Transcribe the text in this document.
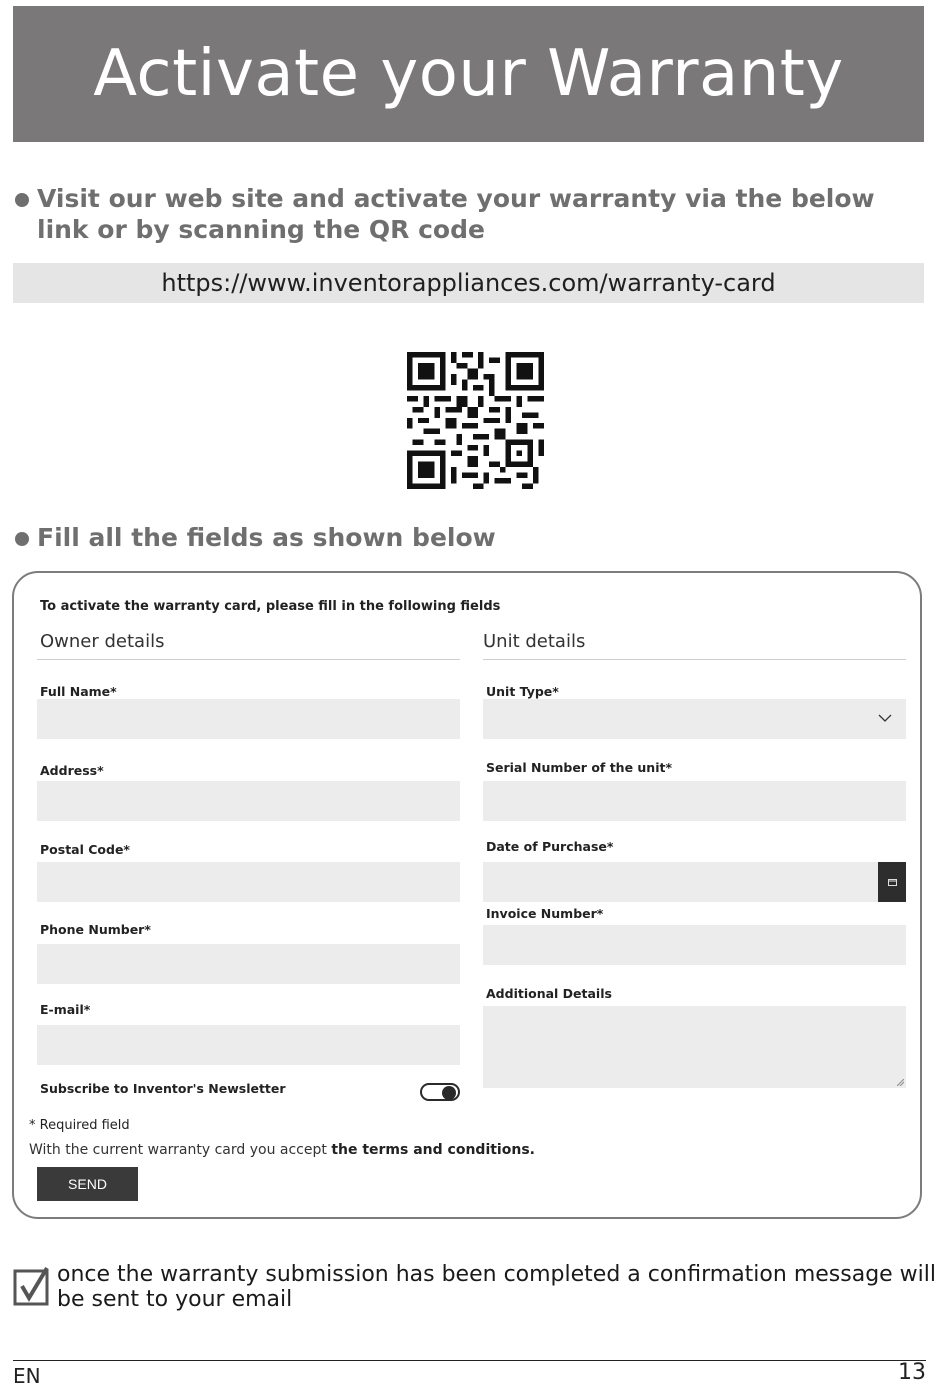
Activate your Warranty
Visit our web site and activate your warranty via the below link or by scanning the QR code
https://www.inventorappliances.com/warranty-card
Fill all the fields as shown below
To activate the warranty card, please fill in the following fields
Owner details	Unit details
Full Name*
Address*
Postal Code*
Phone Number*
E-mail*
Subscribe to Inventor's Newsletter
Unit Type*
Serial Number of the unit*
Date of Purchase*
Invoice Number*
Additional Details
* Required field
With the current warranty card you accept the terms and conditions.
SEND
once the warranty submission has been completed a confirmation message will be sent to your email
EN	13
